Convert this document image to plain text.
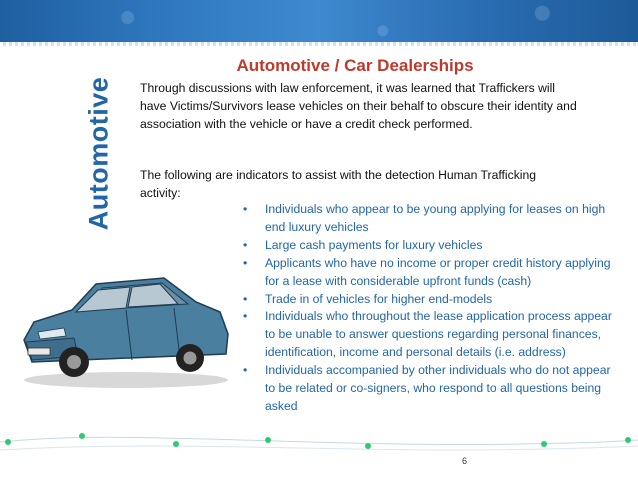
Automotive
Automotive / Car Dealerships

Through discussions with law enforcement, it was learned that Traffickers will have Victims/Survivors lease vehicles on their behalf to obscure their identity and association with the vehicle or have a credit check performed.

The following are indicators to assist with the detection Human Trafficking activity:

• Individuals who appear to be young applying for leases on high end luxury vehicles
• Large cash payments for luxury vehicles
• Applicants who have no income or proper credit history applying for a lease with considerable upfront funds (cash)
• Trade in of vehicles for higher end-models
• Individuals who throughout the lease application process appear to be unable to answer questions regarding personal finances, identification, income and personal details (i.e. address)
• Individuals accompanied by other individuals who do not appear to be related or co-signers, who respond to all questions being asked
6
